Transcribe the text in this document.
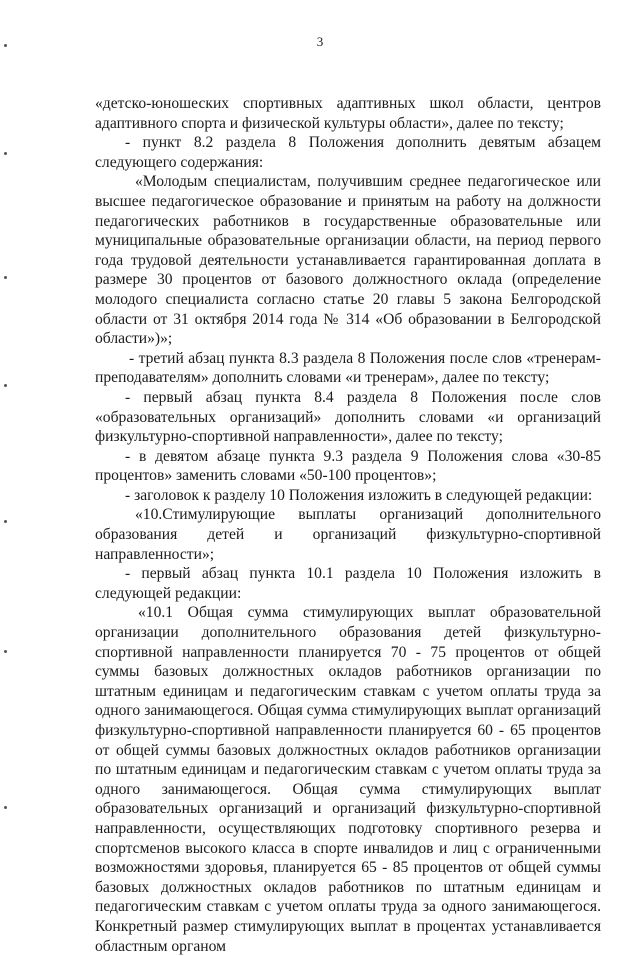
3

«детско-юношеских спортивных адаптивных школ области, центров адаптивного спорта и физической культуры области», далее по тексту;

- пункт 8.2 раздела 8 Положения дополнить девятым абзацем следующего содержания:

«Молодым специалистам, получившим среднее педагогическое или высшее педагогическое образование и принятым на работу на должности педагогических работников в государственные образовательные или муниципальные образовательные организации области, на период первого года трудовой деятельности устанавливается гарантированная доплата в размере 30 процентов от базового должностного оклада (определение молодого специалиста согласно статье 20 главы 5 закона Белгородской области от 31 октября 2014 года № 314 «Об образовании в Белгородской области»)»;

- третий абзац пункта 8.3 раздела 8 Положения после слов «тренерам-преподавателям» дополнить словами «и тренерам», далее по тексту;

- первый абзац пункта 8.4 раздела 8 Положения после слов «образовательных организаций» дополнить словами «и организаций физкультурно-спортивной направленности», далее по тексту;

- в девятом абзаце пункта 9.3 раздела 9 Положения слова «30-85 процентов» заменить словами «50-100 процентов»;

- заголовок к разделу 10 Положения изложить в следующей редакции:

«10.Стимулирующие выплаты организаций дополнительного образования детей и организаций физкультурно-спортивной направленности»;

- первый абзац пункта 10.1 раздела 10 Положения изложить в следующей редакции:

«10.1 Общая сумма стимулирующих выплат образовательной организации дополнительного образования детей физкультурно-спортивной направленности планируется 70 - 75 процентов от общей суммы базовых должностных окладов работников организации по штатным единицам и педагогическим ставкам с учетом оплаты труда за одного занимающегося. Общая сумма стимулирующих выплат организаций физкультурно-спортивной направленности планируется 60 - 65 процентов от общей суммы базовых должностных окладов работников организации по штатным единицам и педагогическим ставкам с учетом оплаты труда за одного занимающегося. Общая сумма стимулирующих выплат образовательных организаций и организаций физкультурно-спортивной направленности, осуществляющих подготовку спортивного резерва и спортсменов высокого класса в спорте инвалидов и лиц с ограниченными возможностями здоровья, планируется 65 - 85 процентов от общей суммы базовых должностных окладов работников по штатным единицам и педагогическим ставкам с учетом оплаты труда за одного занимающегося. Конкретный размер стимулирующих выплат в процентах устанавливается областным органом
